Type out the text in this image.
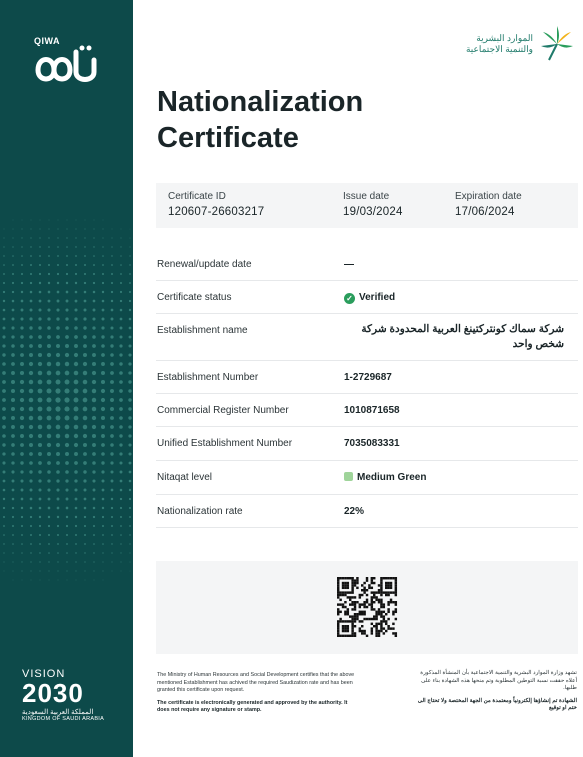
QIWA
VISION
2030
المملكة العربية السعودية
KINGDOM OF SAUDI ARABIA
الموارد البشرية
والتنمية الاجتماعية
Nationalization
Certificate
Certificate ID
120607-26603217
Issue date
19/03/2024
Expiration date
17/06/2024
Renewal/update date	—
Certificate status	✓ Verified
Establishment name	شركة سماك كونتركتينغ العربية المحدودة شركة شخص واحد
Establishment Number	1-2729687
Commercial Register Number	1010871658
Unified Establishment Number	7035083331
Nitaqat level	Medium Green
Nationalization rate	22%
The Ministry of Human Resources and Social Development certifies that the above mentioned Establishment has achived the required Saudization rate and has been granted this certificate upon request.
The certificate is electronically generated and approved by the authority. It does not require any signature or stamp.
تشهد وزارة الموارد البشرية والتنمية الاجتماعية بأن المنشأة المذكورة أعلاه حققت نسبة التوطين المطلوبة وتم منحها هذه الشهادة بناء على طلبها.
الشهادة تم إنشاؤها إلكترونياً ومعتمدة من الجهة المختصة ولا تحتاج الى ختم او توقيع
